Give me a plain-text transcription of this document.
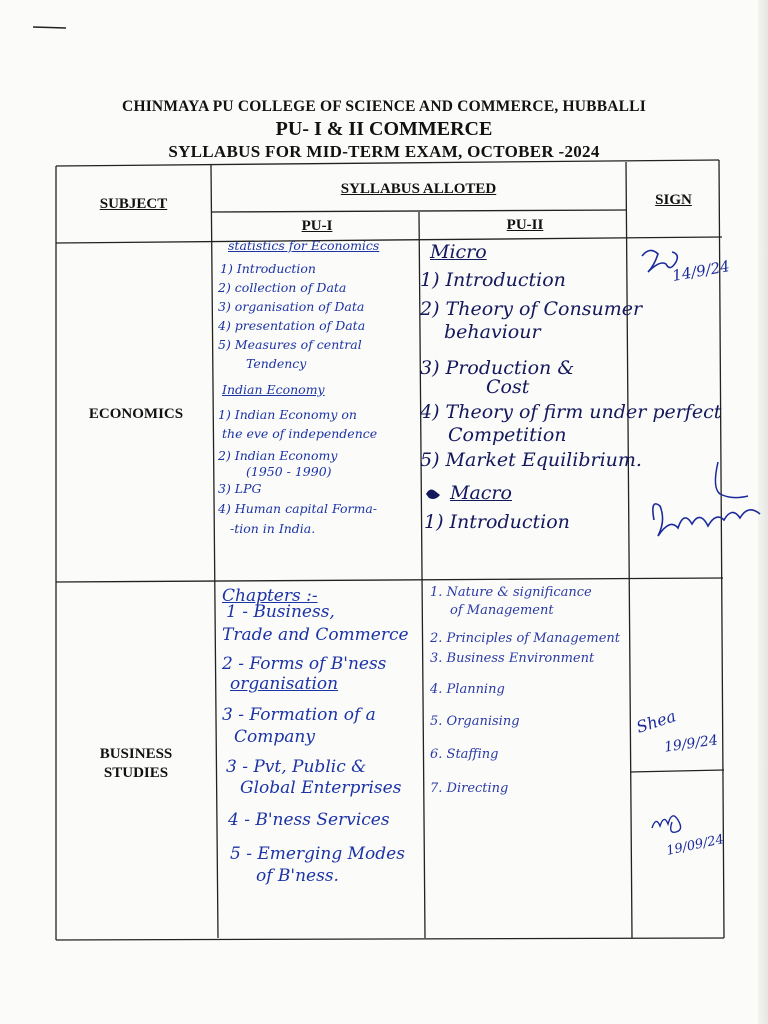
CHINMAYA PU COLLEGE OF SCIENCE AND COMMERCE, HUBBALLI
PU- I & II COMMERCE
SYLLABUS FOR MID-TERM EXAM, OCTOBER -2024
SUBJECT
SYLLABUS ALLOTED
SIGN
PU-I	PU-II
ECONOMICS
statistics for Economics
1) Introduction
2) collection of Data
3) organisation of Data
4) presentation of Data
5) Measures of central
Tendency
Indian Economy
1) Indian Economy on
the eve of independence
2) Indian Economy
(1950 - 1990)
3) LPG
4) Human capital Forma-
-tion in India.
Micro
1) Introduction
2) Theory of Consumer
behaviour
3) Production &
Cost
4) Theory of firm under perfect
Competition
5) Market Equilibrium.
Macro
1) Introduction
14/9/24
BUSINESS
STUDIES
Chapters :-
1 - Business,
Trade and Commerce
2 - Forms of B'ness
organisation
3 - Formation of a
Company
3 - Pvt, Public &
Global Enterprises
4 - B'ness Services
5 - Emerging Modes
of B'ness.
1. Nature & significance
of Management
2. Principles of Management
3. Business Environment
4. Planning
5. Organising
6. Staffing
7. Directing
Shea
19/9/24
19/09/24
